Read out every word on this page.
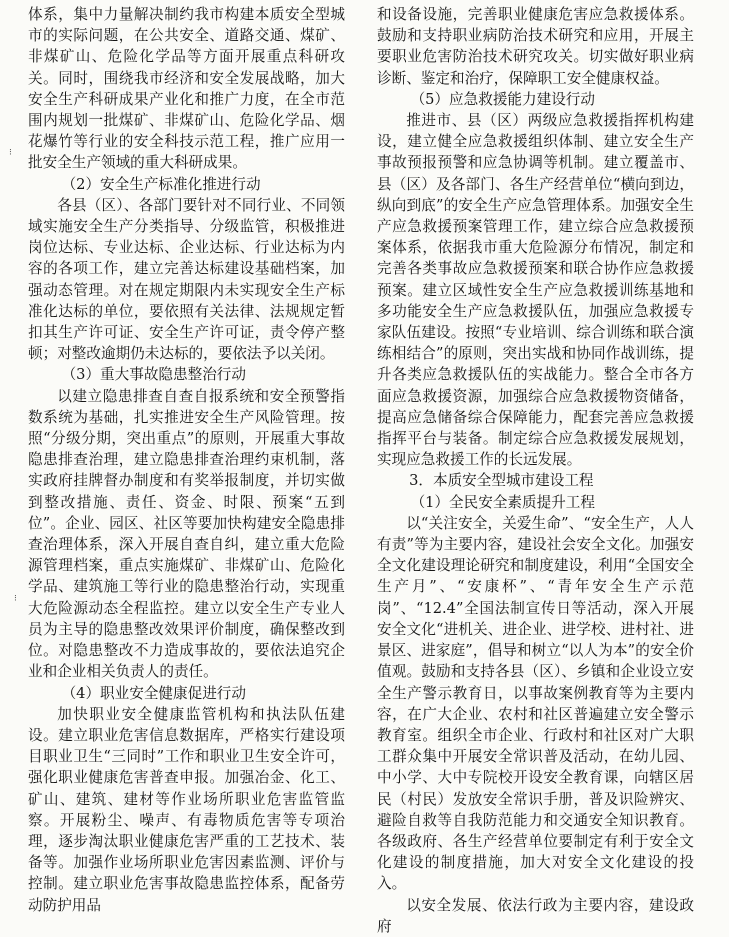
⁝
⁝

体系，集中力量解决制约我市构建本质安全型城市的实际问题，在公共安全、道路交通、煤矿、非煤矿山、危险化学品等方面开展重点科研攻关。同时，围绕我市经济和安全发展战略，加大安全生产科研成果产业化和推广力度，在全市范围内规划一批煤矿、非煤矿山、危险化学品、烟花爆竹等行业的安全科技示范工程，推广应用一批安全生产领域的重大科研成果。

（2）安全生产标准化推进行动

各县（区）、各部门要针对不同行业、不同领域实施安全生产分类指导、分级监管，积极推进岗位达标、专业达标、企业达标、行业达标为内容的各项工作，建立完善达标建设基础档案，加强动态管理。对在规定期限内未实现安全生产标准化达标的单位，要依照有关法律、法规规定暂扣其生产许可证、安全生产许可证，责令停产整顿；对整改逾期仍未达标的，要依法予以关闭。

（3）重大事故隐患整治行动

以建立隐患排查自查自报系统和安全预警指数系统为基础，扎实推进安全生产风险管理。按照“分级分期，突出重点”的原则，开展重大事故隐患排查治理，建立隐患排查治理约束机制，落实政府挂牌督办制度和有奖举报制度，并切实做到整改措施、责任、资金、时限、预案“五到位”。企业、园区、社区等要加快构建安全隐患排查治理体系，深入开展自查自纠，建立重大危险源管理档案，重点实施煤矿、非煤矿山、危险化学品、建筑施工等行业的隐患整治行动，实现重大危险源动态全程监控。建立以安全生产专业人员为主导的隐患整改效果评价制度，确保整改到位。对隐患整改不力造成事故的，要依法追究企业和企业相关负责人的责任。

（4）职业安全健康促进行动

加快职业安全健康监管机构和执法队伍建设。建立职业危害信息数据库，严格实行建设项目职业卫生“三同时”工作和职业卫生安全许可，强化职业健康危害普查申报。加强冶金、化工、矿山、建筑、建材等作业场所职业危害监管监察。开展粉尘、噪声、有毒物质危害等专项治理，逐步淘汰职业健康危害严重的工艺技术、装备等。加强作业场所职业危害因素监测、评价与控制。建立职业危害事故隐患监控体系，配备劳动防护用品

和设备设施，完善职业健康危害应急救援体系。鼓励和支持职业病防治技术研究和应用，开展主要职业危害防治技术研究攻关。切实做好职业病诊断、鉴定和治疗，保障职工安全健康权益。

（5）应急救援能力建设行动

推进市、县（区）两级应急救援指挥机构建设，建立健全应急救援组织体制、建立安全生产事故预报预警和应急协调等机制。建立覆盖市、县（区）及各部门、各生产经营单位“横向到边，纵向到底”的安全生产应急管理体系。加强安全生产应急救援预案管理工作，建立综合应急救援预案体系，依据我市重大危险源分布情况，制定和完善各类事故应急救援预案和联合协作应急救援预案。建立区域性安全生产应急救援训练基地和多功能安全生产应急救援队伍，加强应急救援专家队伍建设。按照“专业培训、综合训练和联合演练相结合”的原则，突出实战和协同作战训练，提升各类应急救援队伍的实战能力。整合全市各方面应急救援资源，加强综合应急救援物资储备，提高应急储备综合保障能力，配套完善应急救援指挥平台与装备。制定综合应急救援发展规划，实现应急救援工作的长远发展。

3．本质安全型城市建设工程

（1）全民安全素质提升工程

以“关注安全，关爱生命”、“安全生产，人人有责”等为主要内容，建设社会安全文化。加强安全文化建设理论研究和制度建设，利用“全国安全生产月”、“安康杯”、“青年安全生产示范岗”、“12.4”全国法制宣传日等活动，深入开展安全文化“进机关、进企业、进学校、进村社、进景区、进家庭”，倡导和树立“以人为本”的安全价值观。鼓励和支持各县（区）、乡镇和企业设立安全生产警示教育日，以事故案例教育等为主要内容，在广大企业、农村和社区普遍建立安全警示教育室。组织全市企业、行政村和社区对广大职工群众集中开展安全常识普及活动，在幼儿园、中小学、大中专院校开设安全教育课，向辖区居民（村民）发放安全常识手册，普及识险辨灾、避险自救等自我防范能力和交通安全知识教育。各级政府、各生产经营单位要制定有利于安全文化建设的制度措施，加大对安全文化建设的投入。

以安全发展、依法行政为主要内容，建设政府
